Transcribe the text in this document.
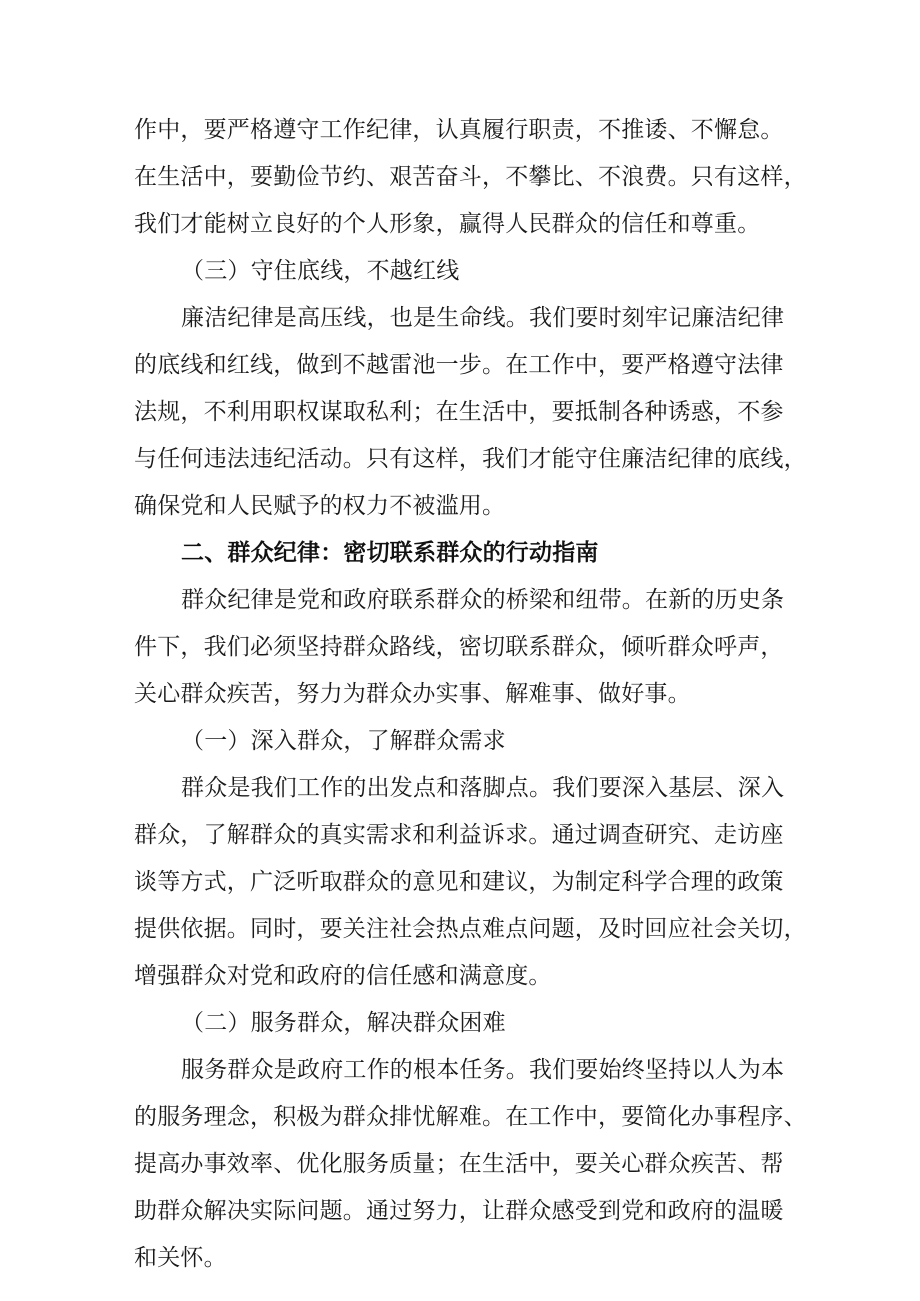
作中，要严格遵守工作纪律，认真履行职责，不推诿、不懈怠。
在生活中，要勤俭节约、艰苦奋斗，不攀比、不浪费。只有这样，
我们才能树立良好的个人形象，赢得人民群众的信任和尊重。
（三）守住底线，不越红线
廉洁纪律是高压线，也是生命线。我们要时刻牢记廉洁纪律
的底线和红线，做到不越雷池一步。在工作中，要严格遵守法律
法规，不利用职权谋取私利；在生活中，要抵制各种诱惑，不参
与任何违法违纪活动。只有这样，我们才能守住廉洁纪律的底线，
确保党和人民赋予的权力不被滥用。
二、群众纪律：密切联系群众的行动指南
群众纪律是党和政府联系群众的桥梁和纽带。在新的历史条
件下，我们必须坚持群众路线，密切联系群众，倾听群众呼声，
关心群众疾苦，努力为群众办实事、解难事、做好事。
（一）深入群众，了解群众需求
群众是我们工作的出发点和落脚点。我们要深入基层、深入
群众，了解群众的真实需求和利益诉求。通过调查研究、走访座
谈等方式，广泛听取群众的意见和建议，为制定科学合理的政策
提供依据。同时，要关注社会热点难点问题，及时回应社会关切，
增强群众对党和政府的信任感和满意度。
（二）服务群众，解决群众困难
服务群众是政府工作的根本任务。我们要始终坚持以人为本
的服务理念，积极为群众排忧解难。在工作中，要简化办事程序、
提高办事效率、优化服务质量；在生活中，要关心群众疾苦、帮
助群众解决实际问题。通过努力，让群众感受到党和政府的温暖
和关怀。
